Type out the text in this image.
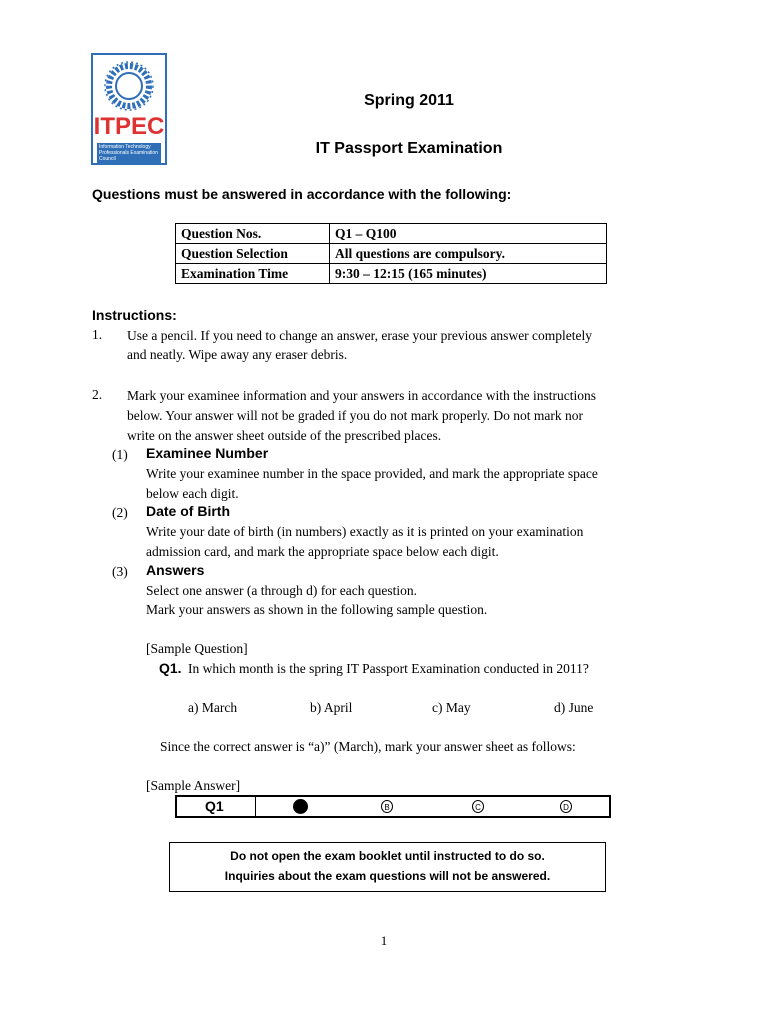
ITPEC
Information Technology Professionals Examination Council
Spring 2011
IT Passport Examination
Questions must be answered in accordance with the following:
Question Nos.	Q1 – Q100
Question Selection	All questions are compulsory.
Examination Time	9:30 – 12:15 (165 minutes)
Instructions:
1. Use a pencil. If you need to change an answer, erase your previous answer completely
and neatly. Wipe away any eraser debris.
2. Mark your examinee information and your answers in accordance with the instructions
below. Your answer will not be graded if you do not mark properly. Do not mark nor
write on the answer sheet outside of the prescribed places.
(1) Examinee Number
Write your examinee number in the space provided, and mark the appropriate space
below each digit.
(2) Date of Birth
Write your date of birth (in numbers) exactly as it is printed on your examination
admission card, and mark the appropriate space below each digit.
(3) Answers
Select one answer (a through d) for each question.
Mark your answers as shown in the following sample question.
[Sample Question]
Q1. In which month is the spring IT Passport Examination conducted in 2011?
a) March	b) April	c) May	d) June
Since the correct answer is “a)” (March), mark your answer sheet as follows:
[Sample Answer]
Q1	B	C	D
Do not open the exam booklet until instructed to do so.
Inquiries about the exam questions will not be answered.
1
